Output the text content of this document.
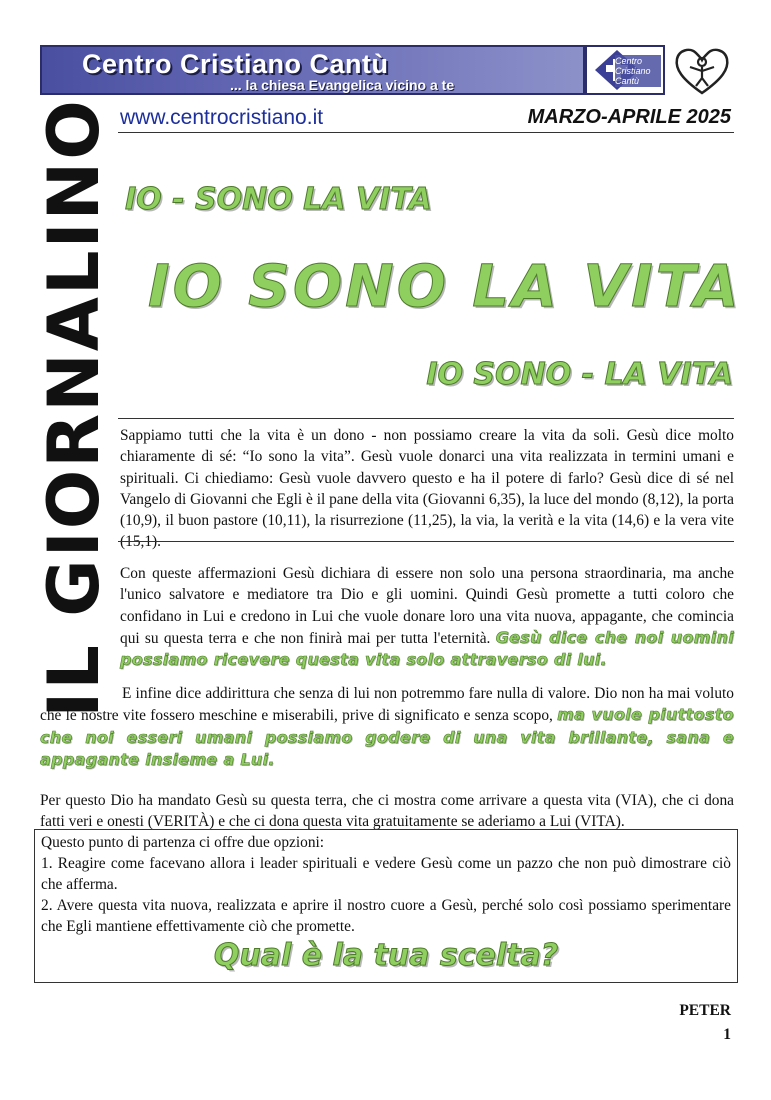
Centro Cristiano Cantù
... la chiesa Evangelica vicino a te
Centro
Cristiano
Cantù
www.centrocristiano.it	MARZO-APRILE 2025
IL GIORNALINO IO - SONO LA VITA
IO SONO LA VITA
IO SONO - LA VITA
Sappiamo tutti che la vita è un dono - non possiamo creare la vita da soli. Gesù dice molto chiaramente di sé: “Io sono la vita”. Gesù vuole donarci una vita realizzata in termini umani e spirituali. Ci chiediamo: Gesù vuole davvero questo e ha il potere di farlo? Gesù dice di sé nel Vangelo di Giovanni che Egli è il pane della vita (Giovanni 6,35), la luce del mondo (8,12), la porta (10,9), il buon pastore (10,11), la risurrezione (11,25), la via, la verità e la vita (14,6) e la vera vite (15,1).
Con queste affermazioni Gesù dichiara di essere non solo una persona straordinaria, ma anche l'unico salvatore e mediatore tra Dio e gli uomini. Quindi Gesù promette a tutti coloro che confidano in Lui e credono in Lui che vuole donare loro una vita nuova, appagante, che comincia qui su questa terra e che non finirà mai per tutta l'eternità. Gesù dice che noi uomini possiamo ricevere questa vita solo attraverso di lui.
E infine dice addirittura che senza di lui non potremmo fare nulla di valore. Dio non ha mai voluto che le nostre vite fossero meschine e miserabili, prive di significato e senza scopo, ma vuole piuttosto che noi esseri umani possiamo godere di una vita brillante, sana e appagante insieme a Lui.
Per questo Dio ha mandato Gesù su questa terra, che ci mostra come arrivare a questa vita (VIA), che ci dona fatti veri e onesti (VERITÀ) e che ci dona questa vita gratuitamente se aderiamo a Lui (VITA).
Questo punto di partenza ci offre due opzioni:
1. Reagire come facevano allora i leader spirituali e vedere Gesù come un pazzo che non può dimostrare ciò che afferma.
2. Avere questa vita nuova, realizzata e aprire il nostro cuore a Gesù, perché solo così possiamo sperimentare che Egli mantiene effettivamente ciò che promette.
Qual è la tua scelta?
PETER
1
